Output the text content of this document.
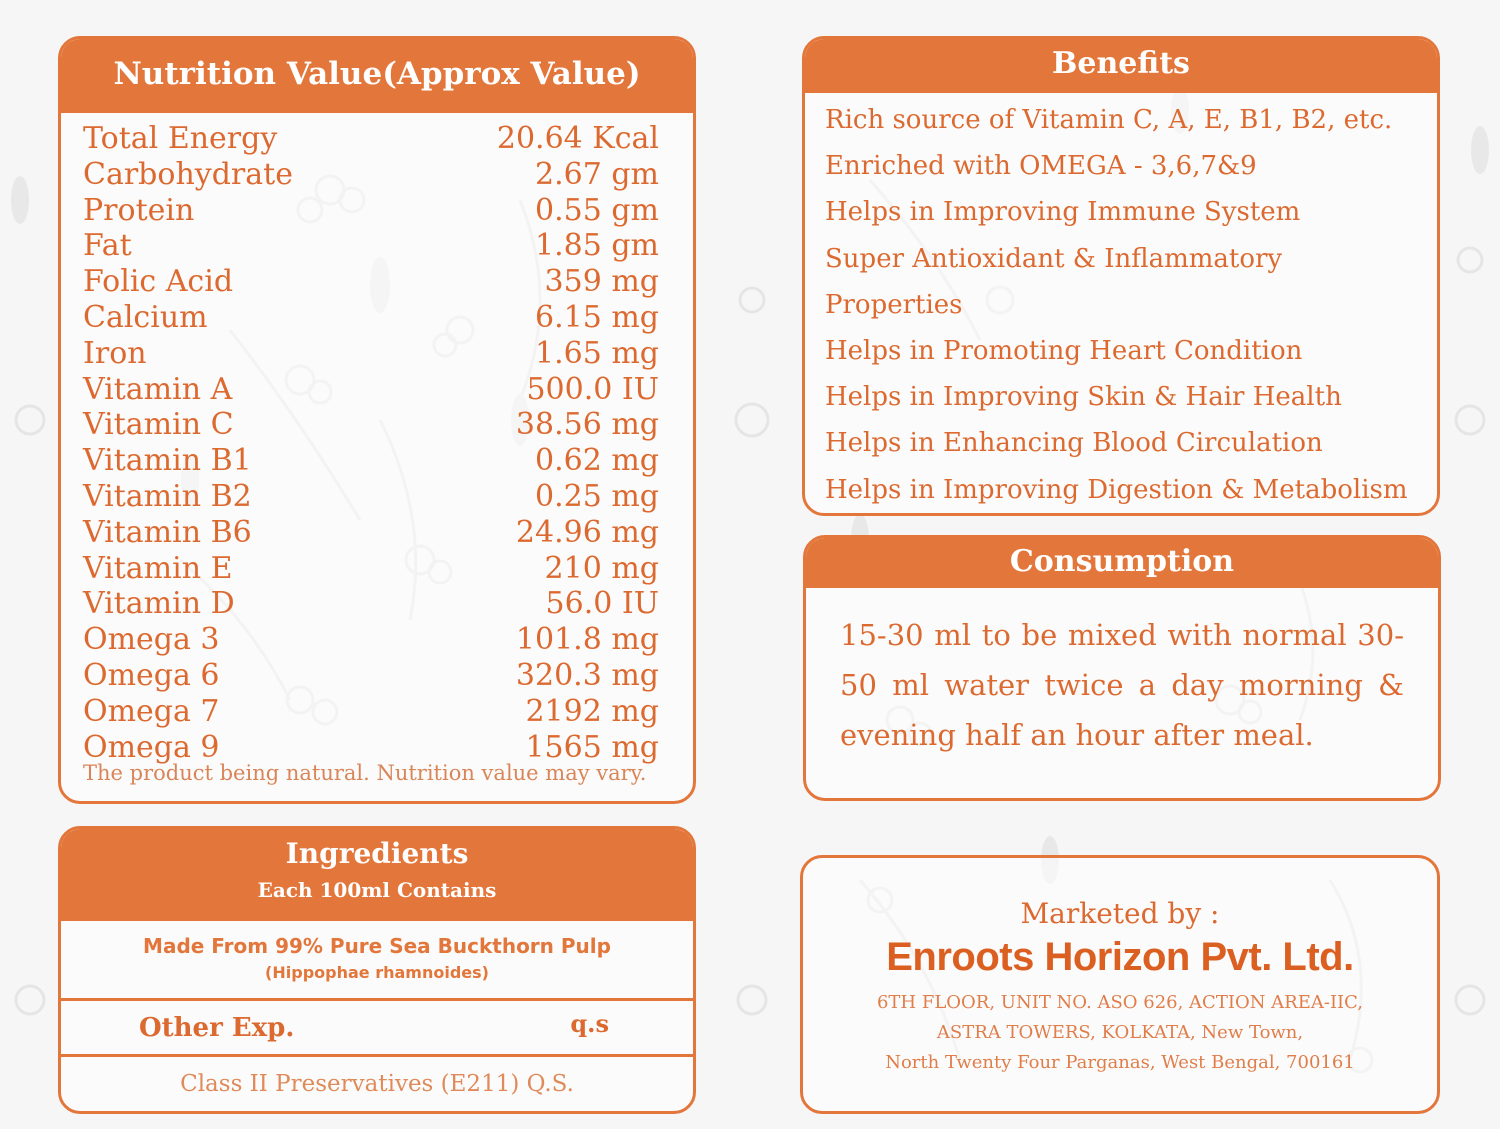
Nutrition Value(Approx Value)
Total Energy	20.64 Kcal
Carbohydrate	2.67 gm
Protein	0.55 gm
Fat	1.85 gm
Folic Acid	359 mg
Calcium	6.15 mg
Iron	1.65 mg
Vitamin A	500.0 IU
Vitamin C	38.56 mg
Vitamin B1	0.62 mg
Vitamin B2	0.25 mg
Vitamin B6	24.96 mg
Vitamin E	210 mg
Vitamin D	56.0 IU
Omega 3	101.8 mg
Omega 6	320.3 mg
Omega 7	2192 mg
Omega 9	1565 mg
The product being natural. Nutrition value may vary.
Ingredients
Each 100ml Contains
Made From 99% Pure Sea Buckthorn Pulp
(Hippophae rhamnoides)
Other Exp.	q.s
Class II Preservatives (E211) Q.S.
Benefits
Rich source of Vitamin C, A, E, B1, B2, etc.
Enriched with OMEGA - 3,6,7&9
Helps in Improving Immune System
Super Antioxidant & Inflammatory
Properties
Helps in Promoting Heart Condition
Helps in Improving Skin & Hair Health
Helps in Enhancing Blood Circulation
Helps in Improving Digestion & Metabolism
Consumption
15-30 ml to be mixed with normal 30-50 ml water twice a day morning & evening half an hour after meal.
Marketed by :
Enroots Horizon Pvt. Ltd.
6TH FLOOR, UNIT NO. ASO 626, ACTION AREA-IIC,
ASTRA TOWERS, KOLKATA, New Town,
North Twenty Four Parganas, West Bengal, 700161
